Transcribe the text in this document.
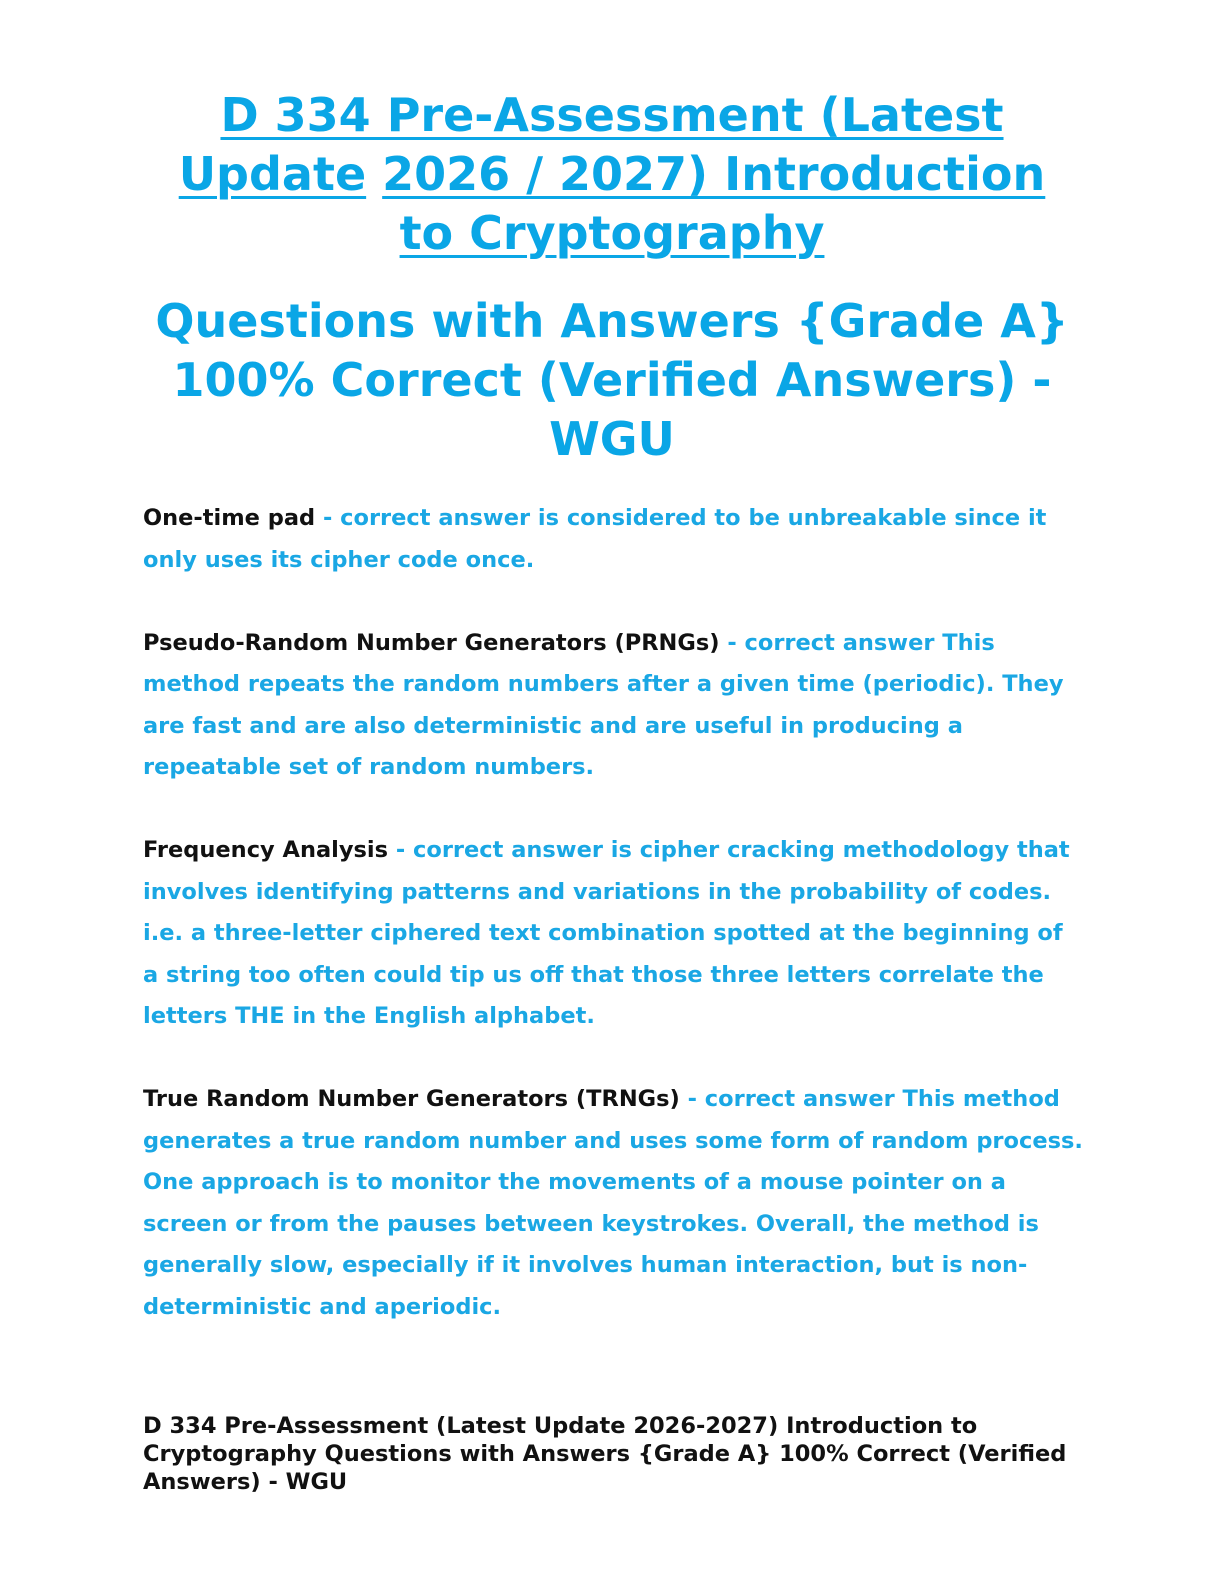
D 334 Pre-Assessment (Latest
Update 2026 / 2027) Introduction
to Cryptography
Questions with Answers {Grade A} 100% Correct (Verified Answers) - WGU
One-time pad - correct answer is considered to be unbreakable since it only uses its cipher code once.
Pseudo-Random Number Generators (PRNGs) - correct answer This method repeats the random numbers after a given time (periodic). They are fast and are also deterministic and are useful in producing a repeatable set of random numbers.
Frequency Analysis - correct answer is cipher cracking methodology that involves identifying patterns and variations in the probability of codes. i.e. a three-letter ciphered text combination spotted at the beginning of a string too often could tip us off that those three letters correlate the letters THE in the English alphabet.
True Random Number Generators (TRNGs) - correct answer This method generates a true random number and uses some form of random process. One approach is to monitor the movements of a mouse pointer on a screen or from the pauses between keystrokes. Overall, the method is generally slow, especially if it involves human interaction, but is non-deterministic and aperiodic.
D 334 Pre-Assessment (Latest Update 2026-2027) Introduction to Cryptography Questions with Answers {Grade A} 100% Correct (Verified Answers) - WGU
